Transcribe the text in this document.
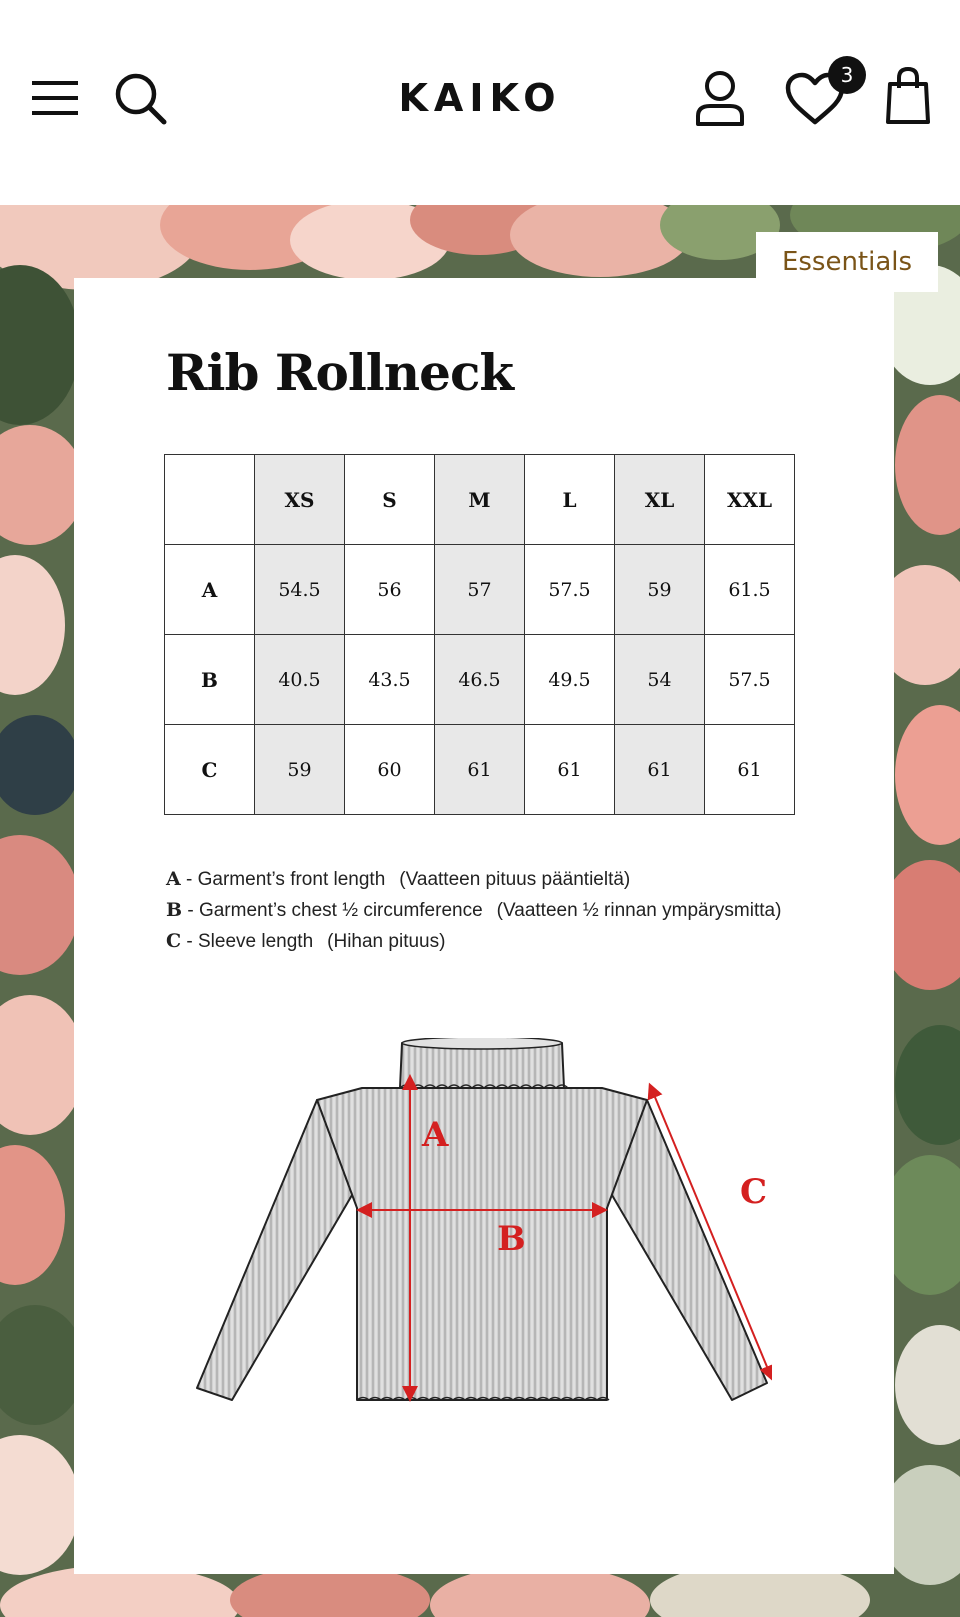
KAIKO
3
Rib Rollneck
	XS	S	M	L	XL	XXL
A	54.5	56	57	57.5	59	61.5
B	40.5	43.5	46.5	49.5	54	57.5
C	59	60	61	61	61	61
A - Garment’s front length (Vaatteen pituus pääntieltä)
B - Garment’s chest ½ circumference (Vaatteen ½ rinnan ympärysmitta)
C - Sleeve length (Hihan pituus)
A
B
C
Essentials
